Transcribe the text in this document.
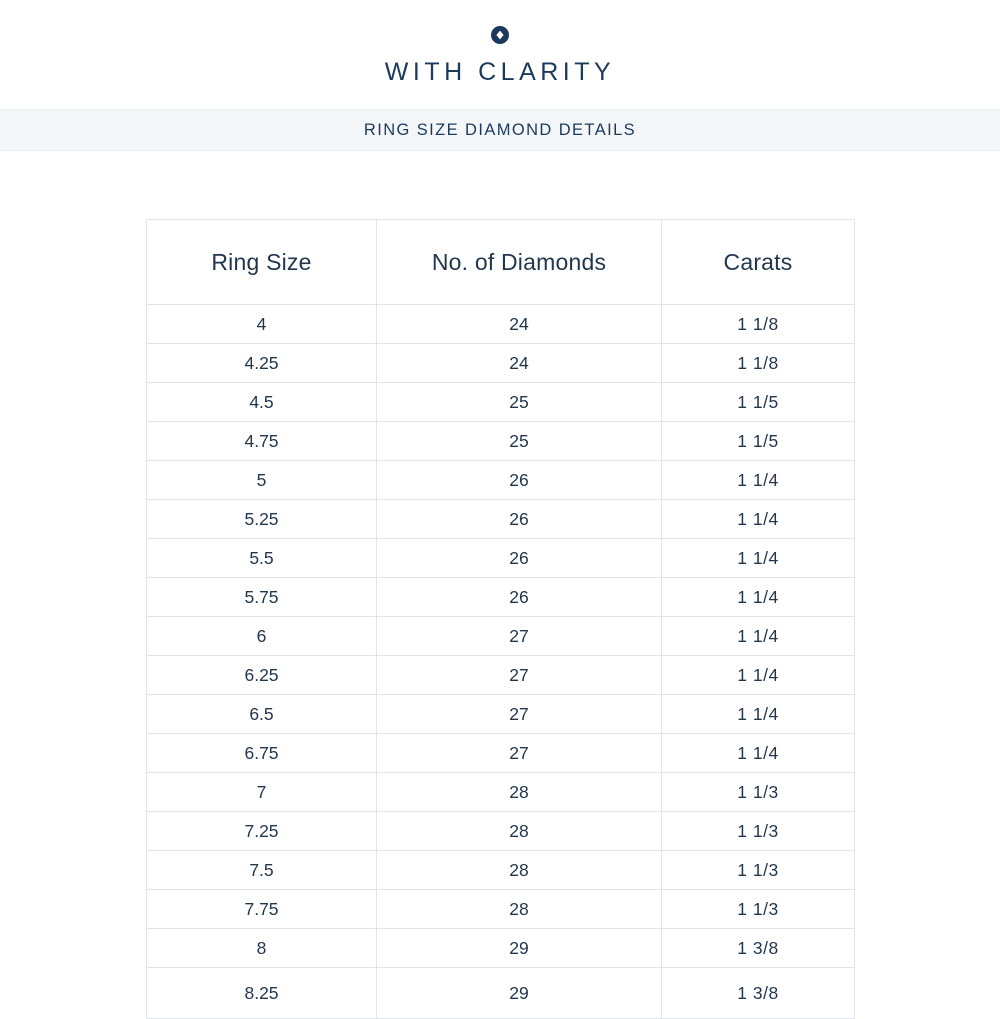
WITH CLARITY
RING SIZE DIAMOND DETAILS
Ring Size	No. of Diamonds	Carats
4	24	1 1/8
4.25	24	1 1/8
4.5	25	1 1/5
4.75	25	1 1/5
5	26	1 1/4
5.25	26	1 1/4
5.5	26	1 1/4
5.75	26	1 1/4
6	27	1 1/4
6.25	27	1 1/4
6.5	27	1 1/4
6.75	27	1 1/4
7	28	1 1/3
7.25	28	1 1/3
7.5	28	1 1/3
7.75	28	1 1/3
8	29	1 3/8
8.25	29	1 3/8
